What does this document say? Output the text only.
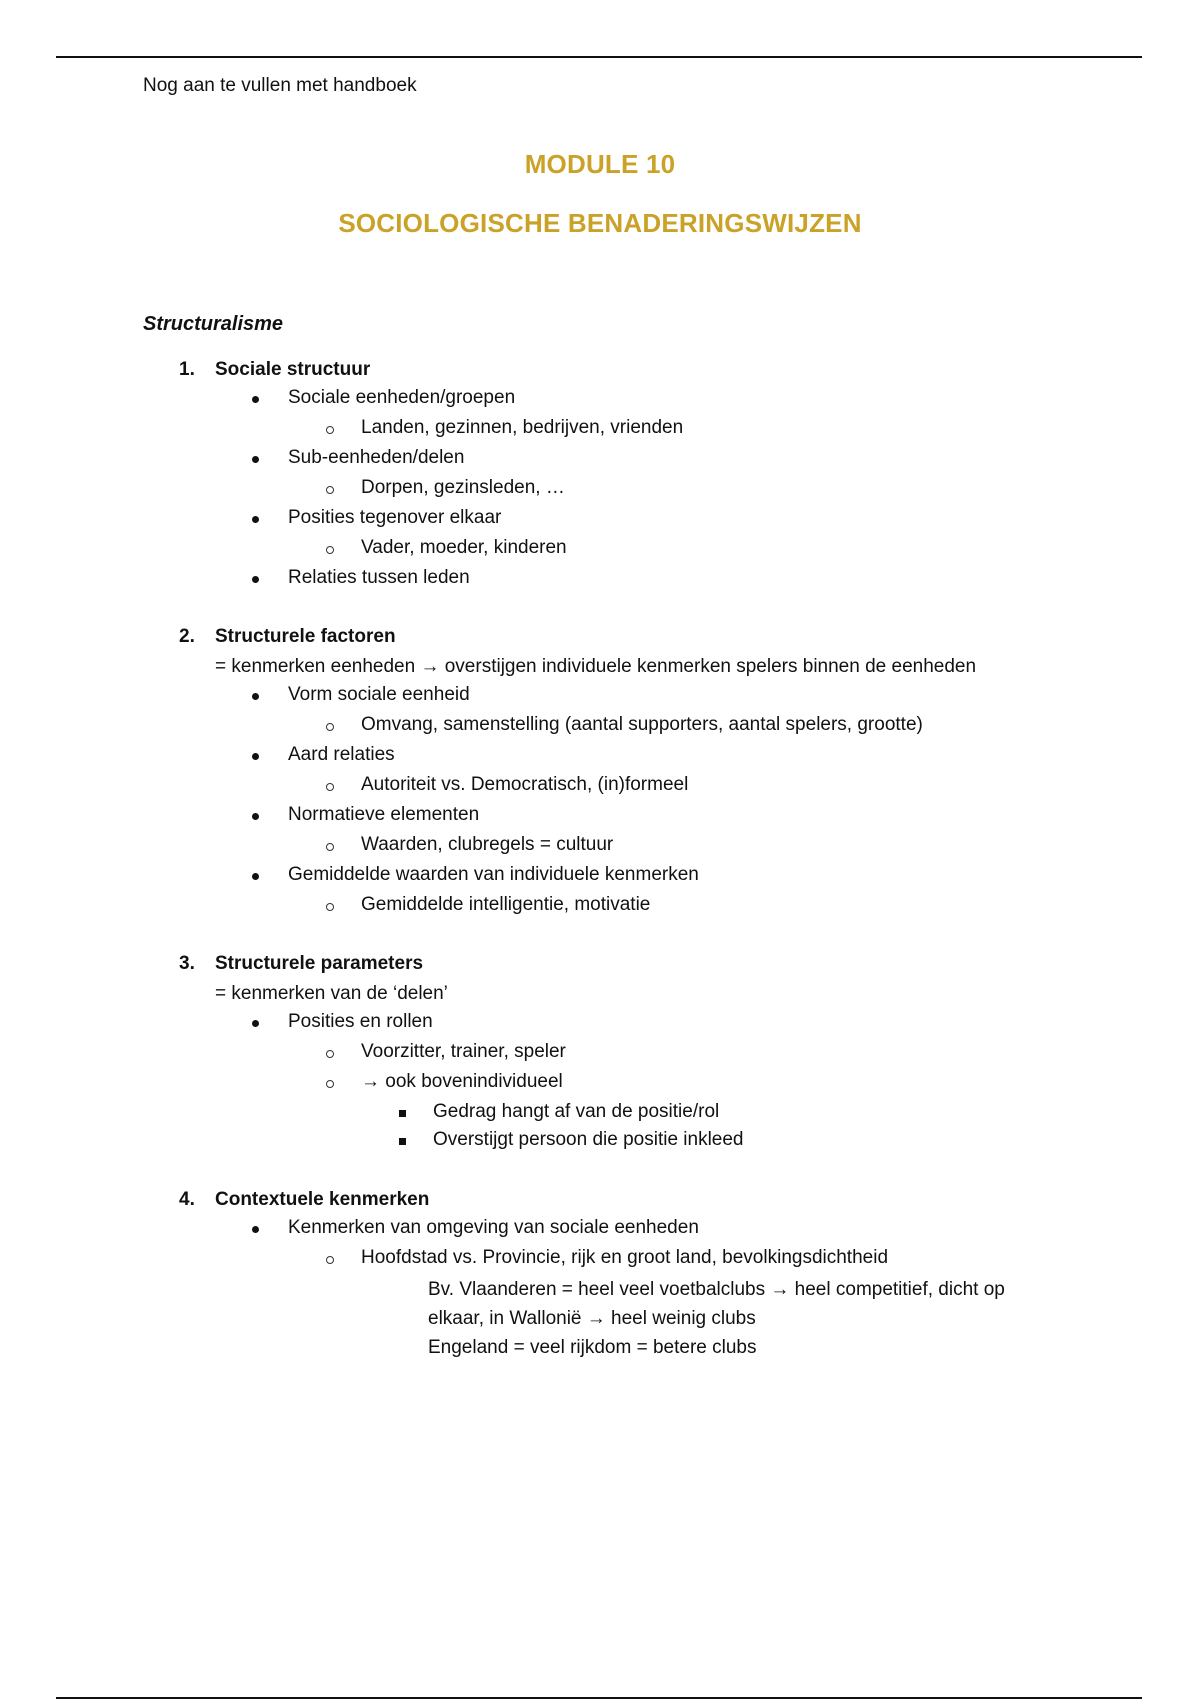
Nog aan te vullen met handboek
MODULE 10
SOCIOLOGISCHE BENADERINGSWIJZEN
Structuralisme
1. Sociale structuur
Sociale eenheden/groepen
Landen, gezinnen, bedrijven, vrienden
Sub-eenheden/delen
Dorpen, gezinsleden, …
Posities tegenover elkaar
Vader, moeder, kinderen
Relaties tussen leden
2. Structurele factoren
= kenmerken eenheden → overstijgen individuele kenmerken spelers binnen de eenheden
Vorm sociale eenheid
Omvang, samenstelling (aantal supporters, aantal spelers, grootte)
Aard relaties
Autoriteit vs. Democratisch, (in)formeel
Normatieve elementen
Waarden, clubregels = cultuur
Gemiddelde waarden van individuele kenmerken
Gemiddelde intelligentie, motivatie
3. Structurele parameters
= kenmerken van de ‘delen’
Posities en rollen
Voorzitter, trainer, speler
→ ook bovenindividueel
Gedrag hangt af van de positie/rol
Overstijgt persoon die positie inkleed
4. Contextuele kenmerken
Kenmerken van omgeving van sociale eenheden
Hoofdstad vs. Provincie, rijk en groot land, bevolkingsdichtheid
Bv. Vlaanderen = heel veel voetbalclubs → heel competitief, dicht op
elkaar, in Wallonië → heel weinig clubs
Engeland = veel rijkdom = betere clubs
